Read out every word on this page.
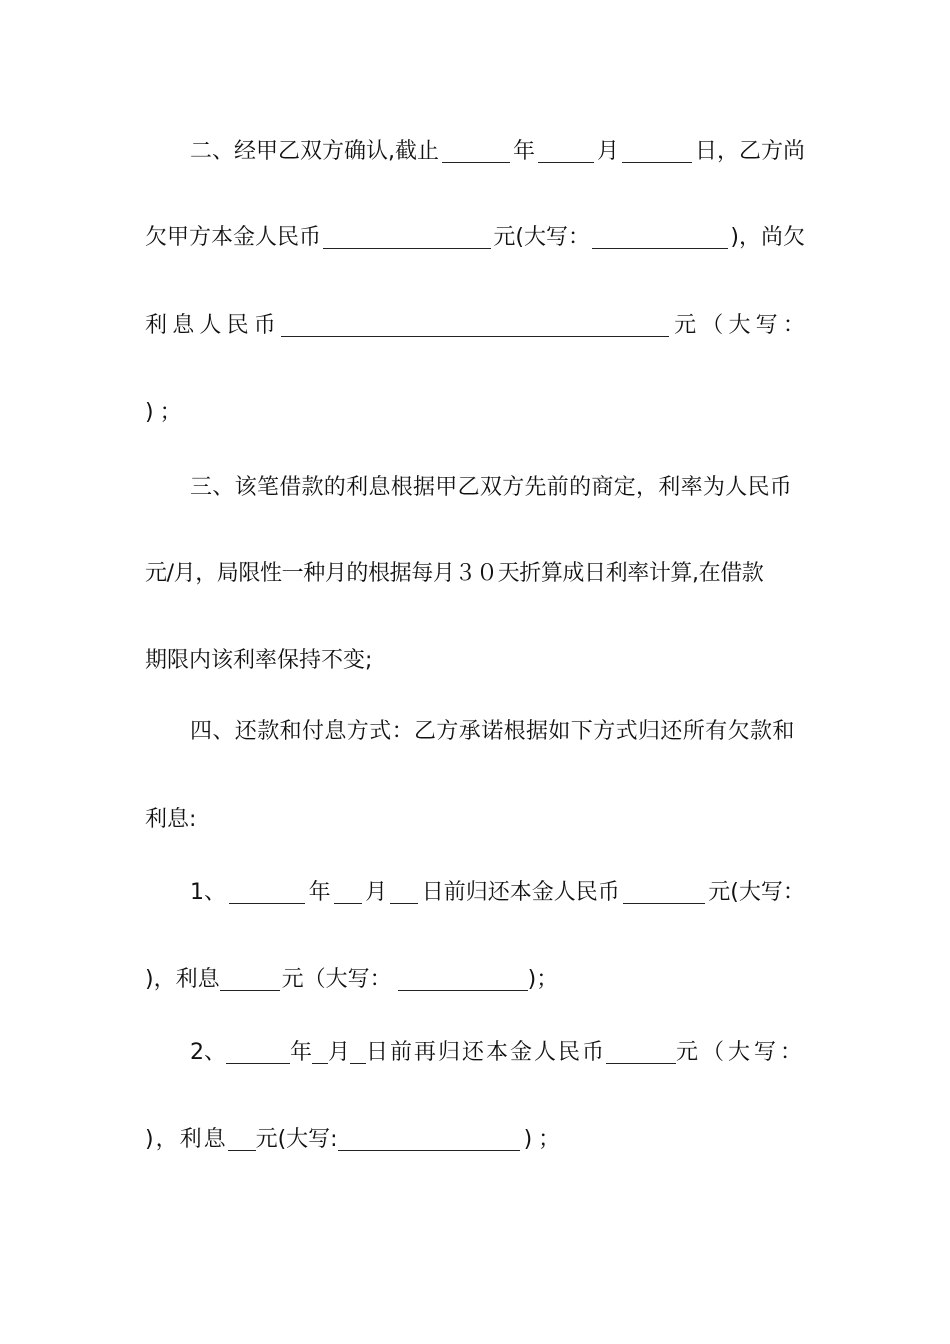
二、经甲乙双方确认,截止	年	月	日，乙方尚
欠甲方本金人民币	元(大写：	)，尚欠
利 息 人 民 币	元 （ 大 写 ：
)；
三、该笔借款的利息根据甲乙双方先前的商定，利率为人民币
元/月，局限性一种月的根据每月３０天折算成日利率计算,在借款
期限内该利率保持不变;
四、还款和付息方式：乙方承诺根据如下方式归还所有欠款和
利息:
1、	年 月 日前归还本金人民币	元(大写：
)，利息	元（大写：	)；
2、	年 月 日前再归还本金人民币	元（大写：
)，利息 元(大写:	)；
